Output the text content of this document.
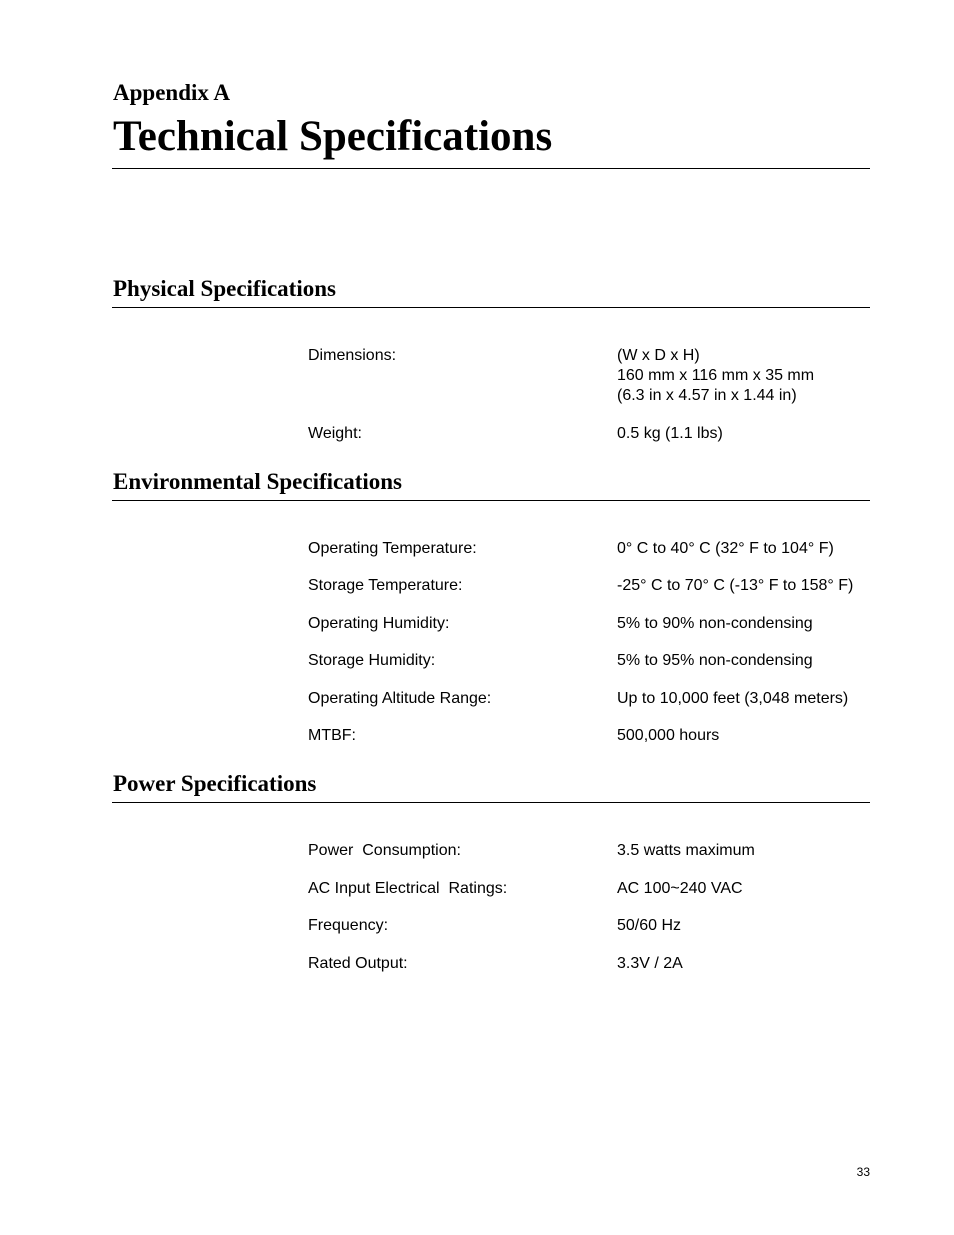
Appendix A
Technical Specifications
Physical Specifications
Dimensions:	(W x D x H)
160 mm x 116 mm x 35 mm
(6.3 in x 4.57 in x 1.44 in)
Weight:	0.5 kg (1.1 lbs)
Environmental Specifications
Operating Temperature:	0° C to 40° C (32° F to 104° F)
Storage Temperature:	-25° C to 70° C (-13° F to 158° F)
Operating Humidity:	5% to 90% non-condensing
Storage Humidity:	5% to 95% non-condensing
Operating Altitude Range:	Up to 10,000 feet (3,048 meters)
MTBF:	500,000 hours
Power Specifications
Power  Consumption:	3.5 watts maximum
AC Input Electrical  Ratings:	AC 100~240 VAC
Frequency:	50/60 Hz
Rated Output:	3.3V / 2A
33
